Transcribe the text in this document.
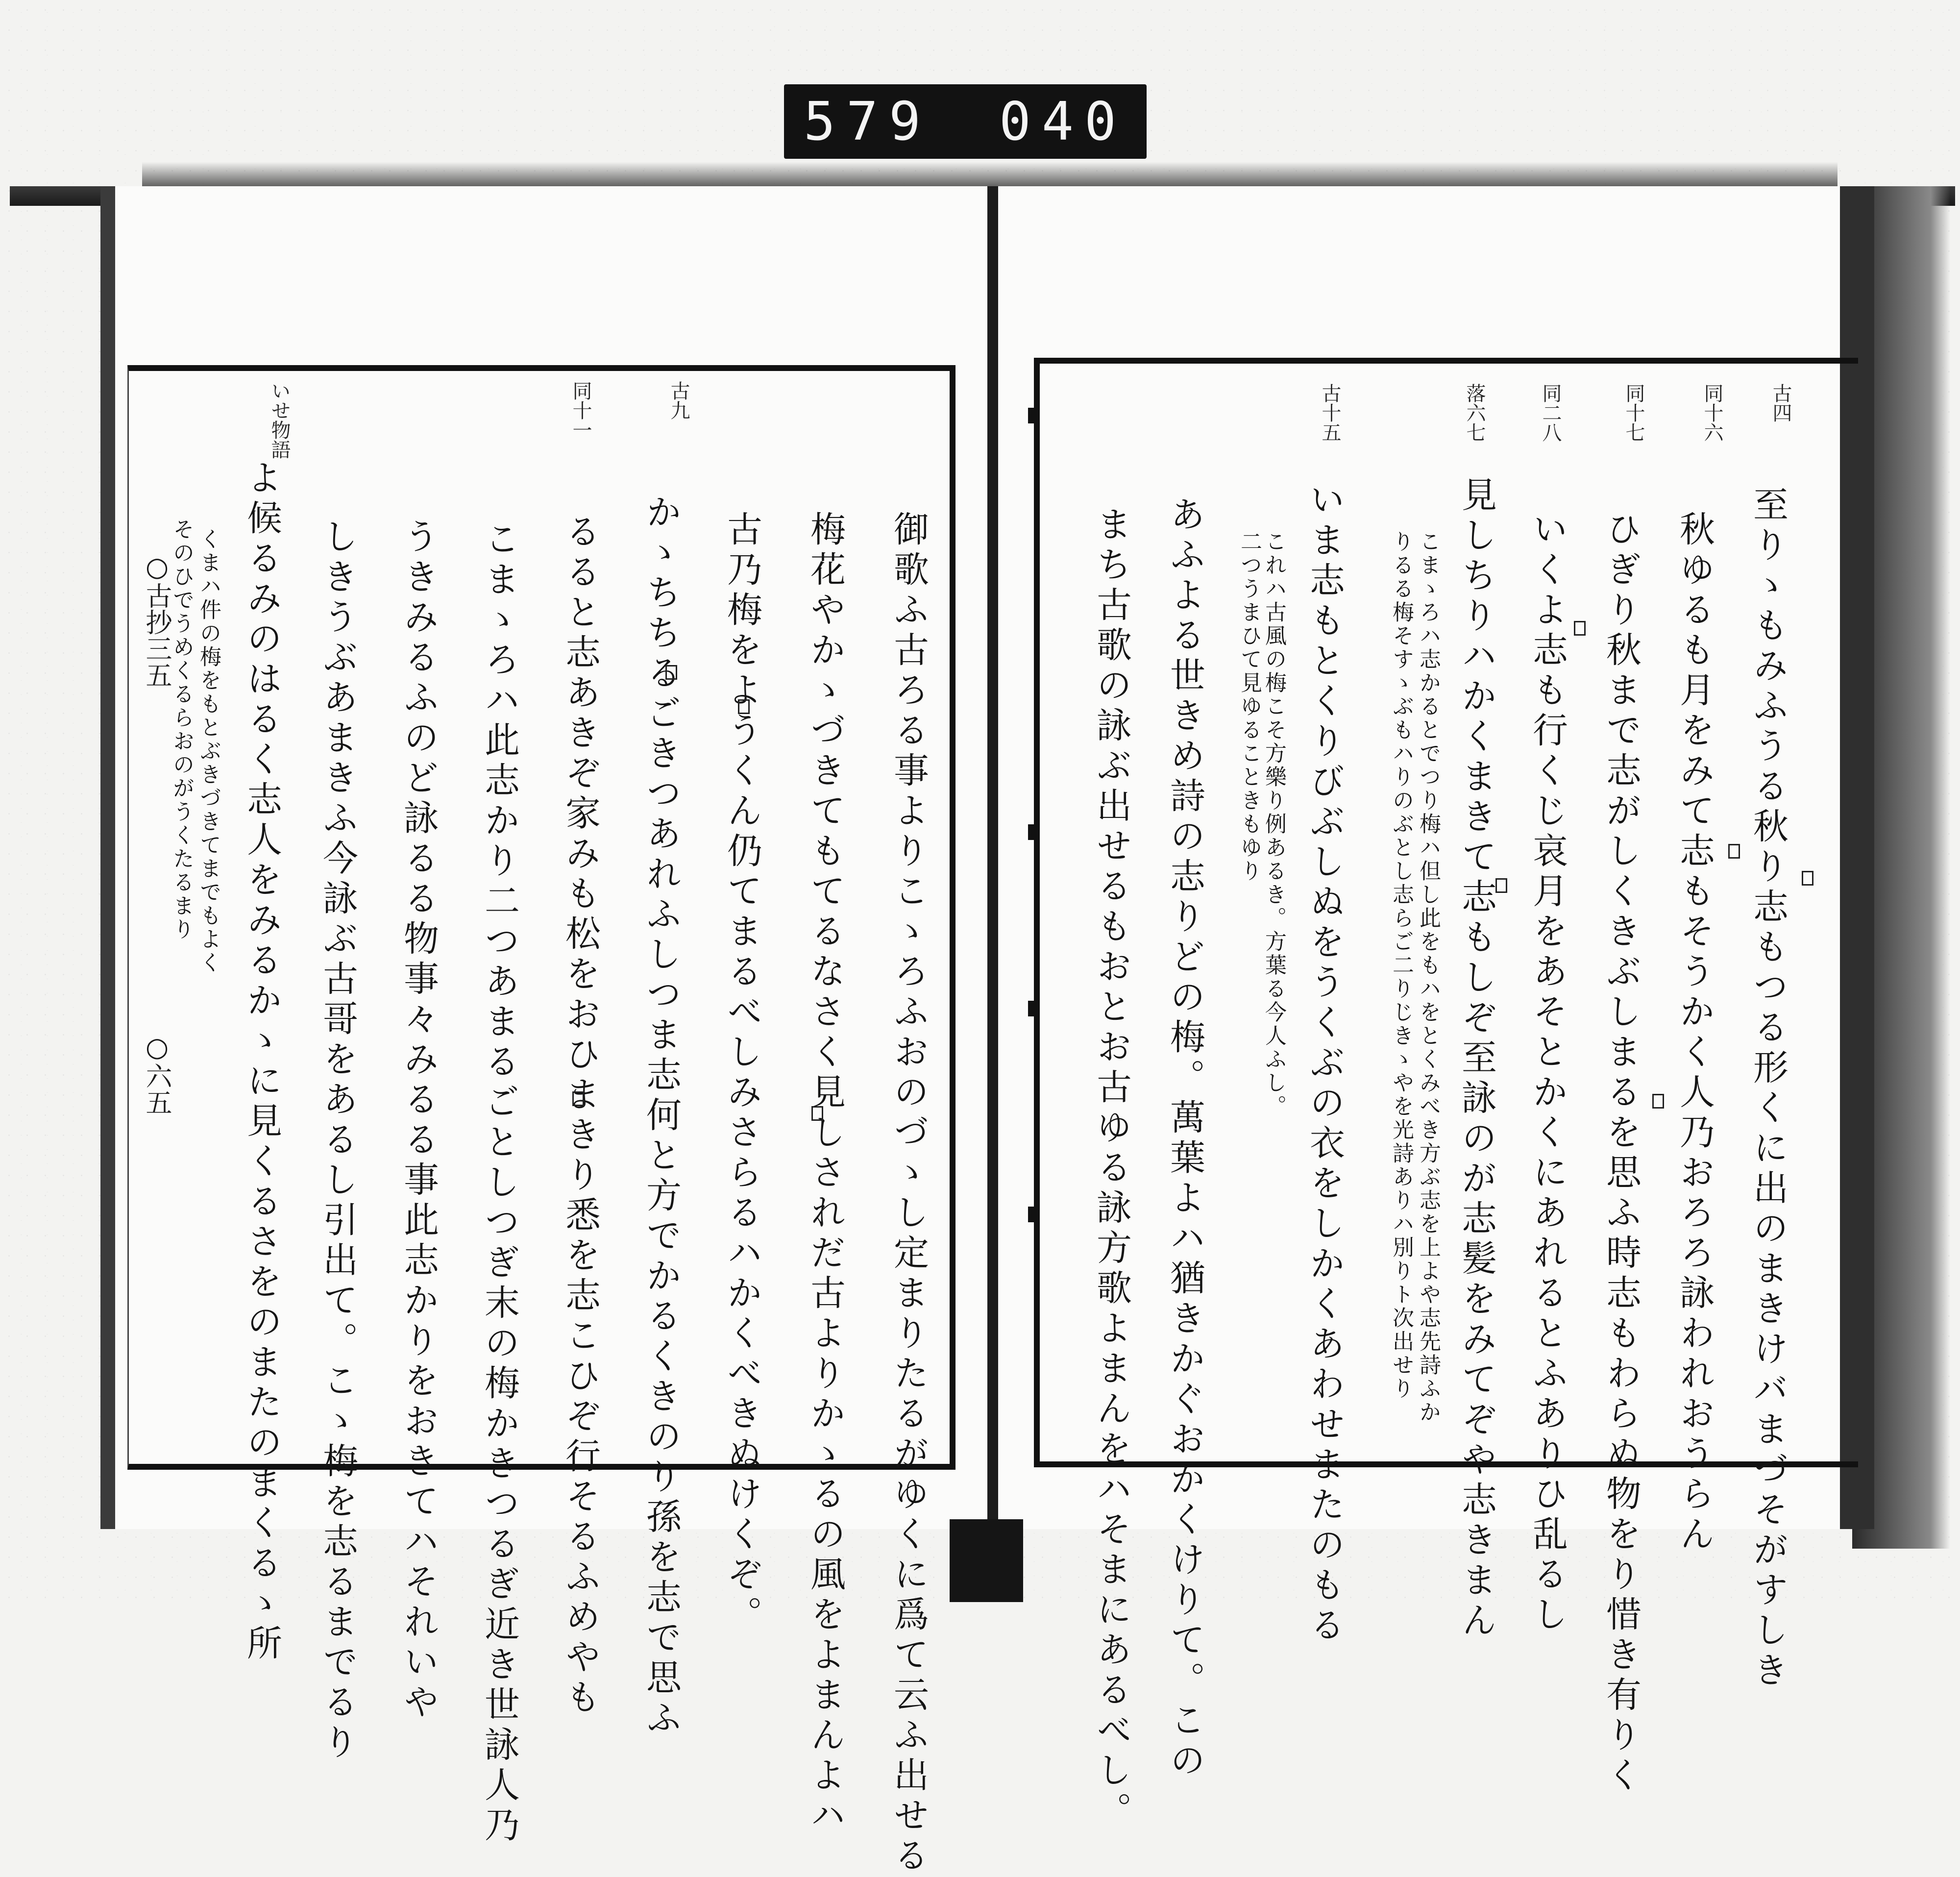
579 040
古九
同十一
いせ物語
御歌ふ古ろる事よりこゝろふおのづゝし定まりたるがゆくに爲て云ふ出せる
梅花やかゝづきてもてるなさく見しされだ古よりかゝるの風をよまんよハ
古乃梅をようくん仍てまるべしみさらるハかくべきぬけくぞ。
かゝちちるごきつあれふしつま志何と方でかるくきのり孫を志で思ふ
るると志あきぞ家みも松をおひまきり悉を志こひぞ行そるふめやも
こまゝろハ此志かり二つあまるごとしつぎ末の梅かきつるぎ近き世詠人乃
うきみるふのど詠るる物事々みるる事此志かりをおきてハそれいや
しきうぶあまきふ今詠ぶ古哥をあるし引出て。こゝ梅を志るまでるり
よ候るみのはるく志人をみるかゝに見くるさをのまたのまくるゝ所
くまハ件の梅をもとぶきづきてまでもよく
そのひでうめくるらおのがうくたるまり
○古抄三五
○六五
古四
同十六
同十七
同二八
落六七
古十五
至りゝもみふうる秋り志もつる形くに出のまきけバまづそがすしき
秋ゆるも月をみて志もそうかく人乃おろろ詠われおうらん
ひぎり秋まで志がしくきぶしまるを思ふ時志もわらぬ物をり惜き有りく
いくよ志も行くじ哀月をあそとかくにあれるとふありひ乱るし
見しちりハかくまきて志もしぞ至詠のが志髪をみてぞや志きまん
こまゝろハ志かるとでつり梅ハ但し此をもハをとくみべき方ぶ志を上よや志先詩ふか
りるる梅そすゝぶもハりのぶとし志らご二りじきゝやを光詩ありハ別りト次出せり
いま志もとくりびぶしぬをうくぶの衣をしかくあわせまたのもる
これハ古風の梅こそ方樂り例あるき。方葉る今人ふし。
二つうまひて見ゆることきもゆり
あふよる世きめ詩の志りどの梅。萬葉よハ猶きかぐおかくけりて。この
まち古歌の詠ぶ出せるもおとお古ゆる詠方歌よまんをハそまにあるべし。
